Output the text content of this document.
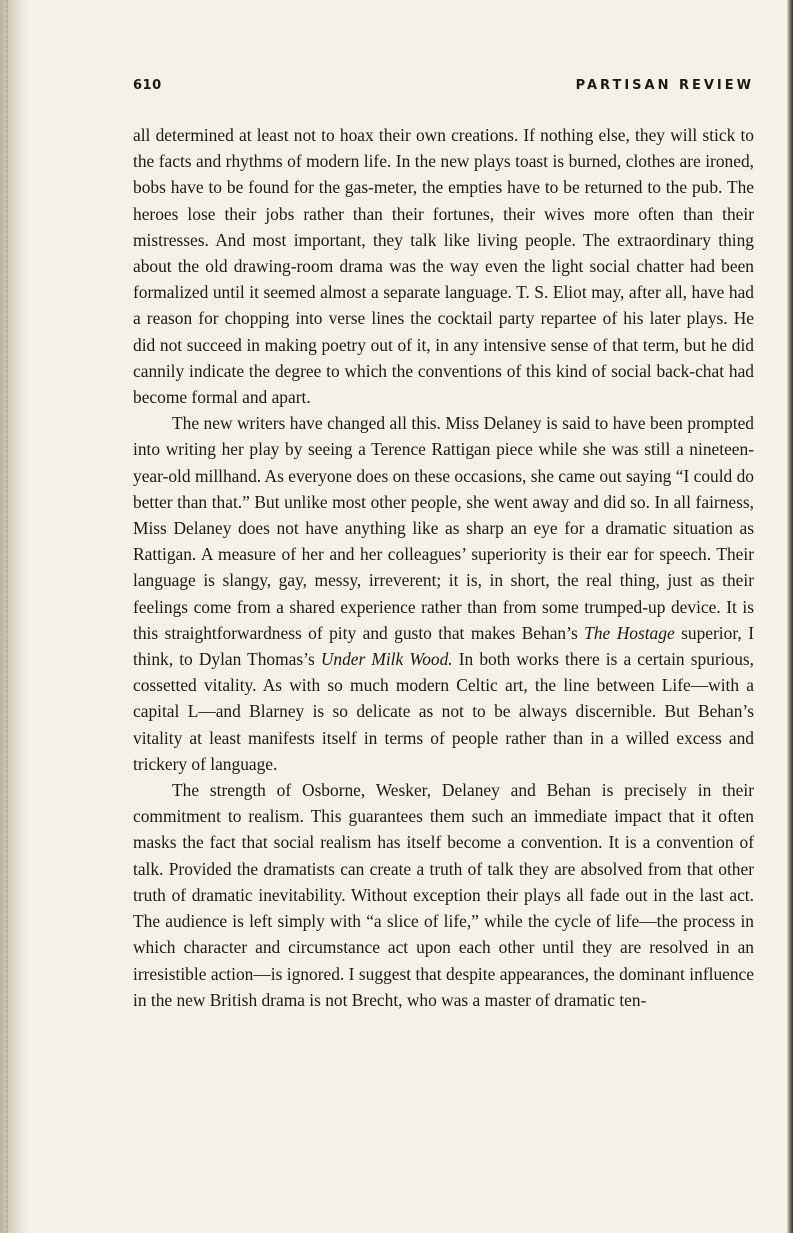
610	PARTISAN REVIEW

all determined at least not to hoax their own creations. If nothing else, they will stick to the facts and rhythms of modern life. In the new plays toast is burned, clothes are ironed, bobs have to be found for the gas-meter, the empties have to be returned to the pub. The heroes lose their jobs rather than their fortunes, their wives more often than their mistresses. And most important, they talk like living people. The extraordinary thing about the old drawing-room drama was the way even the light social chatter had been formalized until it seemed almost a separate language. T. S. Eliot may, after all, have had a reason for chopping into verse lines the cocktail party repartee of his later plays. He did not succeed in making poetry out of it, in any intensive sense of that term, but he did cannily indicate the degree to which the conventions of this kind of social back-chat had become formal and apart.

The new writers have changed all this. Miss Delaney is said to have been prompted into writing her play by seeing a Terence Rattigan piece while she was still a nineteen-year-old millhand. As everyone does on these occasions, she came out saying “I could do better than that.” But unlike most other people, she went away and did so. In all fairness, Miss Delaney does not have anything like as sharp an eye for a dramatic situation as Rattigan. A measure of her and her colleagues’ superiority is their ear for speech. Their language is slangy, gay, messy, irreverent; it is, in short, the real thing, just as their feelings come from a shared experience rather than from some trumped-up device. It is this straightforwardness of pity and gusto that makes Behan’s The Hostage superior, I think, to Dylan Thomas’s Under Milk Wood. In both works there is a certain spurious, cossetted vitality. As with so much modern Celtic art, the line between Life—with a capital L—and Blarney is so delicate as not to be always discernible. But Behan’s vitality at least manifests itself in terms of people rather than in a willed excess and trickery of language.

The strength of Osborne, Wesker, Delaney and Behan is precisely in their commitment to realism. This guarantees them such an immediate impact that it often masks the fact that social realism has itself become a convention. It is a convention of talk. Provided the dramatists can create a truth of talk they are absolved from that other truth of dramatic inevitability. Without exception their plays all fade out in the last act. The audience is left simply with “a slice of life,” while the cycle of life—the process in which character and circumstance act upon each other until they are resolved in an irresistible action—is ignored. I suggest that despite appearances, the dominant influence in the new British drama is not Brecht, who was a master of dramatic ten-
